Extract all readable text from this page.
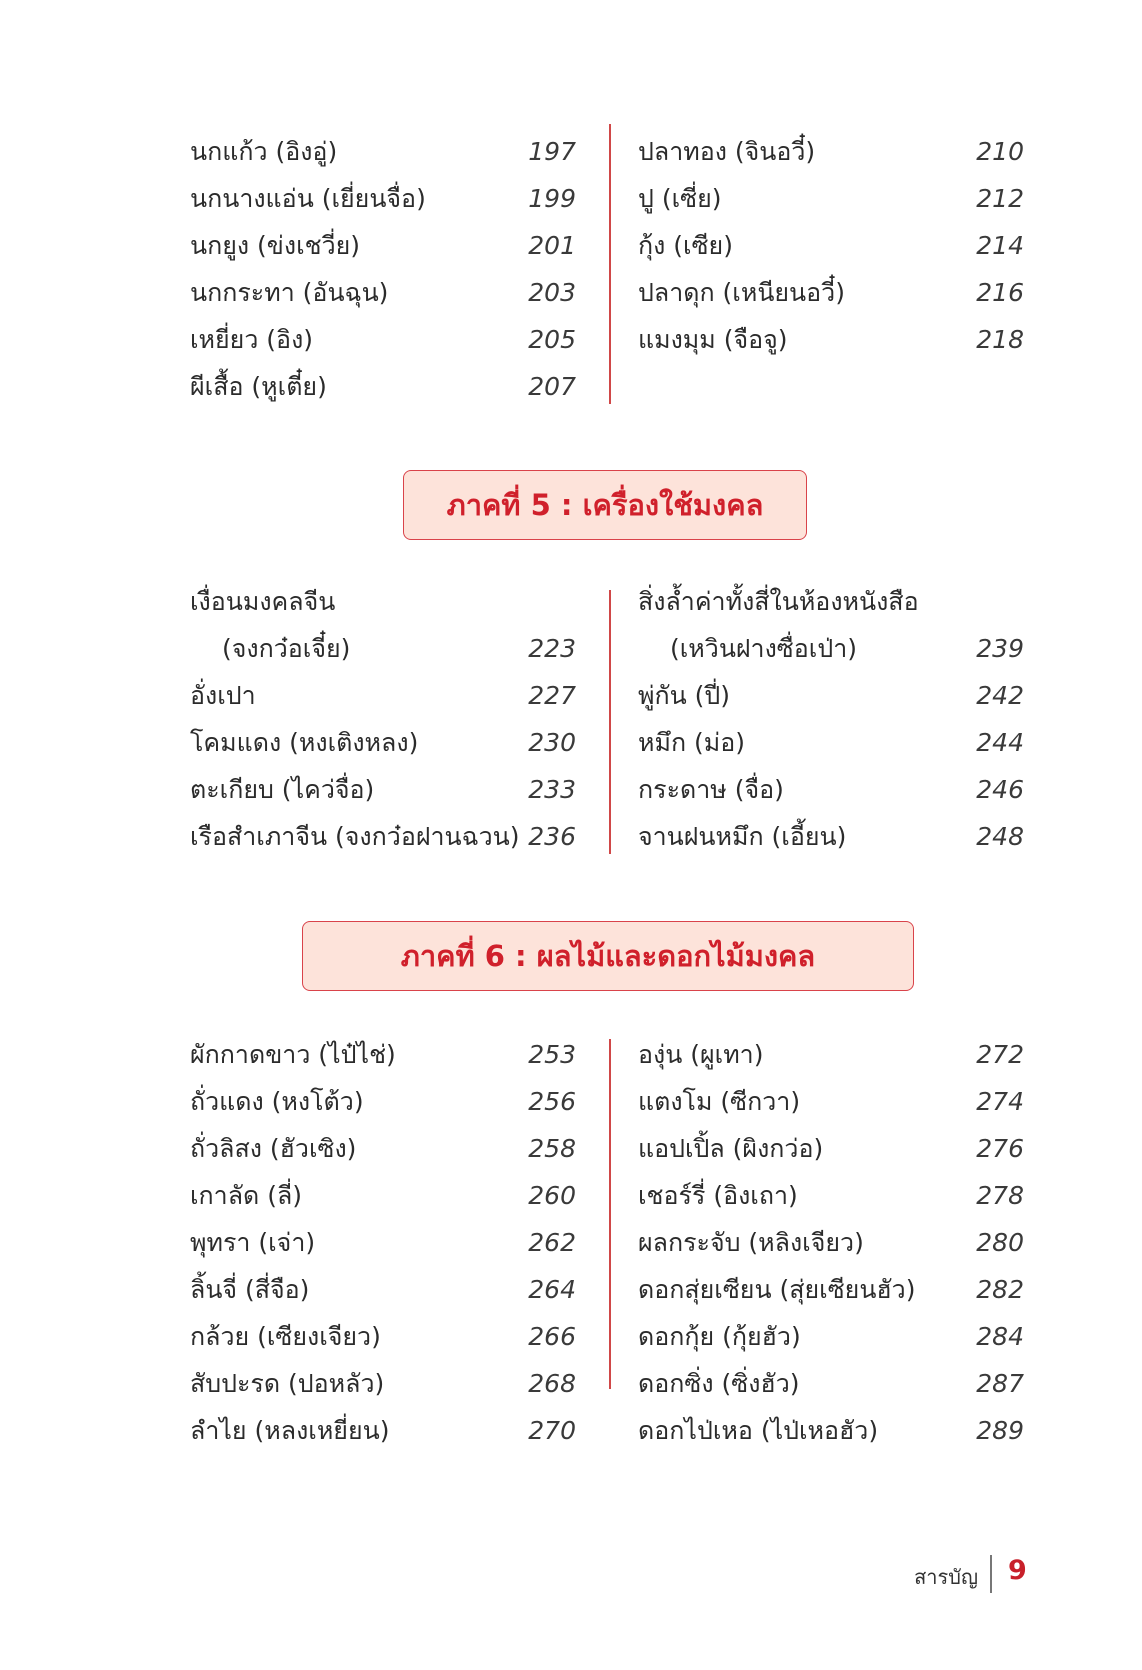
นกแก้ว (อิงอู่)	197
นกนางแอ่น (เยี่ยนจื่อ)	199
นกยูง (ข่งเชวี่ย)	201
นกกระทา (อันฉุน)	203
เหยี่ยว (อิง)	205
ผีเสื้อ (หูเตี๋ย)	207
ปลาทอง (จินอวี๋)	210
ปู (เซี่ย)	212
กุ้ง (เซีย)	214
ปลาดุก (เหนียนอวี๋)	216
แมงมุม (จือจู)	218
ภาคที่ 5 : เครื่องใช้มงคล
เงื่อนมงคลจีน
(จงกว๋อเจี๋ย)	223
อั่งเปา	227
โคมแดง (หงเติงหลง)	230
ตะเกียบ (ไคว่จื่อ)	233
เรือสำเภาจีน (จงกว๋อฝานฉวน) 236
สิ่งล้ำค่าทั้งสี่ในห้องหนังสือ
(เหวินฝางซื่อเป่า)	239
พู่กัน (ปี่)	242
หมึก (ม่อ)	244
กระดาษ (จื่อ)	246
จานฝนหมึก (เอี้ยน)	248
ภาคที่ 6 : ผลไม้และดอกไม้มงคล
ผักกาดขาว (ไป๋ไช่)	253
ถั่วแดง (หงโต้ว)	256
ถั่วลิสง (ฮัวเซิง)	258
เกาลัด (ลี่)	260
พุทรา (เจ่า)	262
ลิ้นจี่ (สี่จือ)	264
กล้วย (เซียงเจียว)	266
สับปะรด (ปอหลัว)	268
ลำไย (หลงเหยี่ยน)	270
องุ่น (ผูเทา)	272
แตงโม (ซีกวา)	274
แอปเปิ้ล (ผิงกว่อ)	276
เชอร์รี่ (อิงเถา)	278
ผลกระจับ (หลิงเจียว)	280
ดอกสุ่ยเซียน (สุ่ยเซียนฮัว) 282
ดอกกุ้ย (กุ้ยฮัว)	284
ดอกซิ่ง (ซิ่งฮัว)	287
ดอกไป่เหอ (ไป่เหอฮัว)	289
สารบัญ 9
